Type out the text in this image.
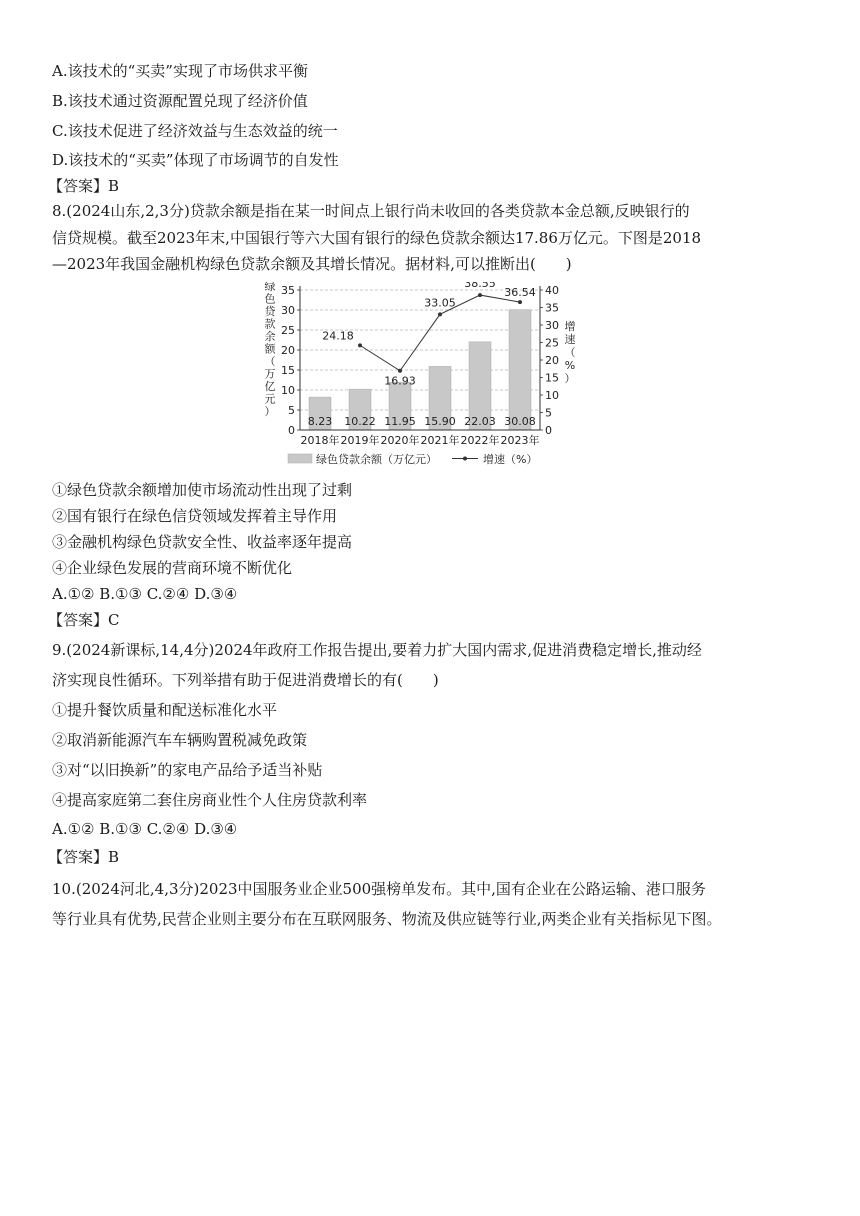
A.该技术的“买卖”实现了市场供求平衡
B.该技术通过资源配置兑现了经济价值
C.该技术促进了经济效益与生态效益的统一
D.该技术的“买卖”体现了市场调节的自发性
【答案】B
8.(2024山东,2,3分)贷款余额是指在某一时间点上银行尚未收回的各类贷款本金总额,反映银行的
信贷规模。截至2023年末,中国银行等六大国有银行的绿色贷款余额达17.86万亿元。下图是2018
—2023年我国金融机构绿色贷款余额及其增长情况。据材料,可以推断出(　　)
8.23 10.22 11.95 15.90 22.03 30.08
0
5
10
15
20
25
30
35
0
5
10
15
20
25
30
35
40
2018年 2019年 2020年 2021年 2022年 2023年
24.18
16.93
33.05
38.55
36.54
绿
色
贷
款
余
额
（
万
亿
元
）
增
速
（
%
）
绿色贷款余额（万亿元）	增速（%）
①绿色贷款余额增加使市场流动性出现了过剩
②国有银行在绿色信贷领域发挥着主导作用
③金融机构绿色贷款安全性、收益率逐年提高
④企业绿色发展的营商环境不断优化
A.①② B.①③ C.②④ D.③④
【答案】C
9.(2024新课标,14,4分)2024年政府工作报告提出,要着力扩大国内需求,促进消费稳定增长,推动经
济实现良性循环。下列举措有助于促进消费增长的有(　　)
①提升餐饮质量和配送标准化水平
②取消新能源汽车车辆购置税减免政策
③对“以旧换新”的家电产品给予适当补贴
④提高家庭第二套住房商业性个人住房贷款利率
A.①② B.①③ C.②④ D.③④
【答案】B
10.(2024河北,4,3分)2023中国服务业企业500强榜单发布。其中,国有企业在公路运输、港口服务
等行业具有优势,民营企业则主要分布在互联网服务、物流及供应链等行业,两类企业有关指标见下图。
